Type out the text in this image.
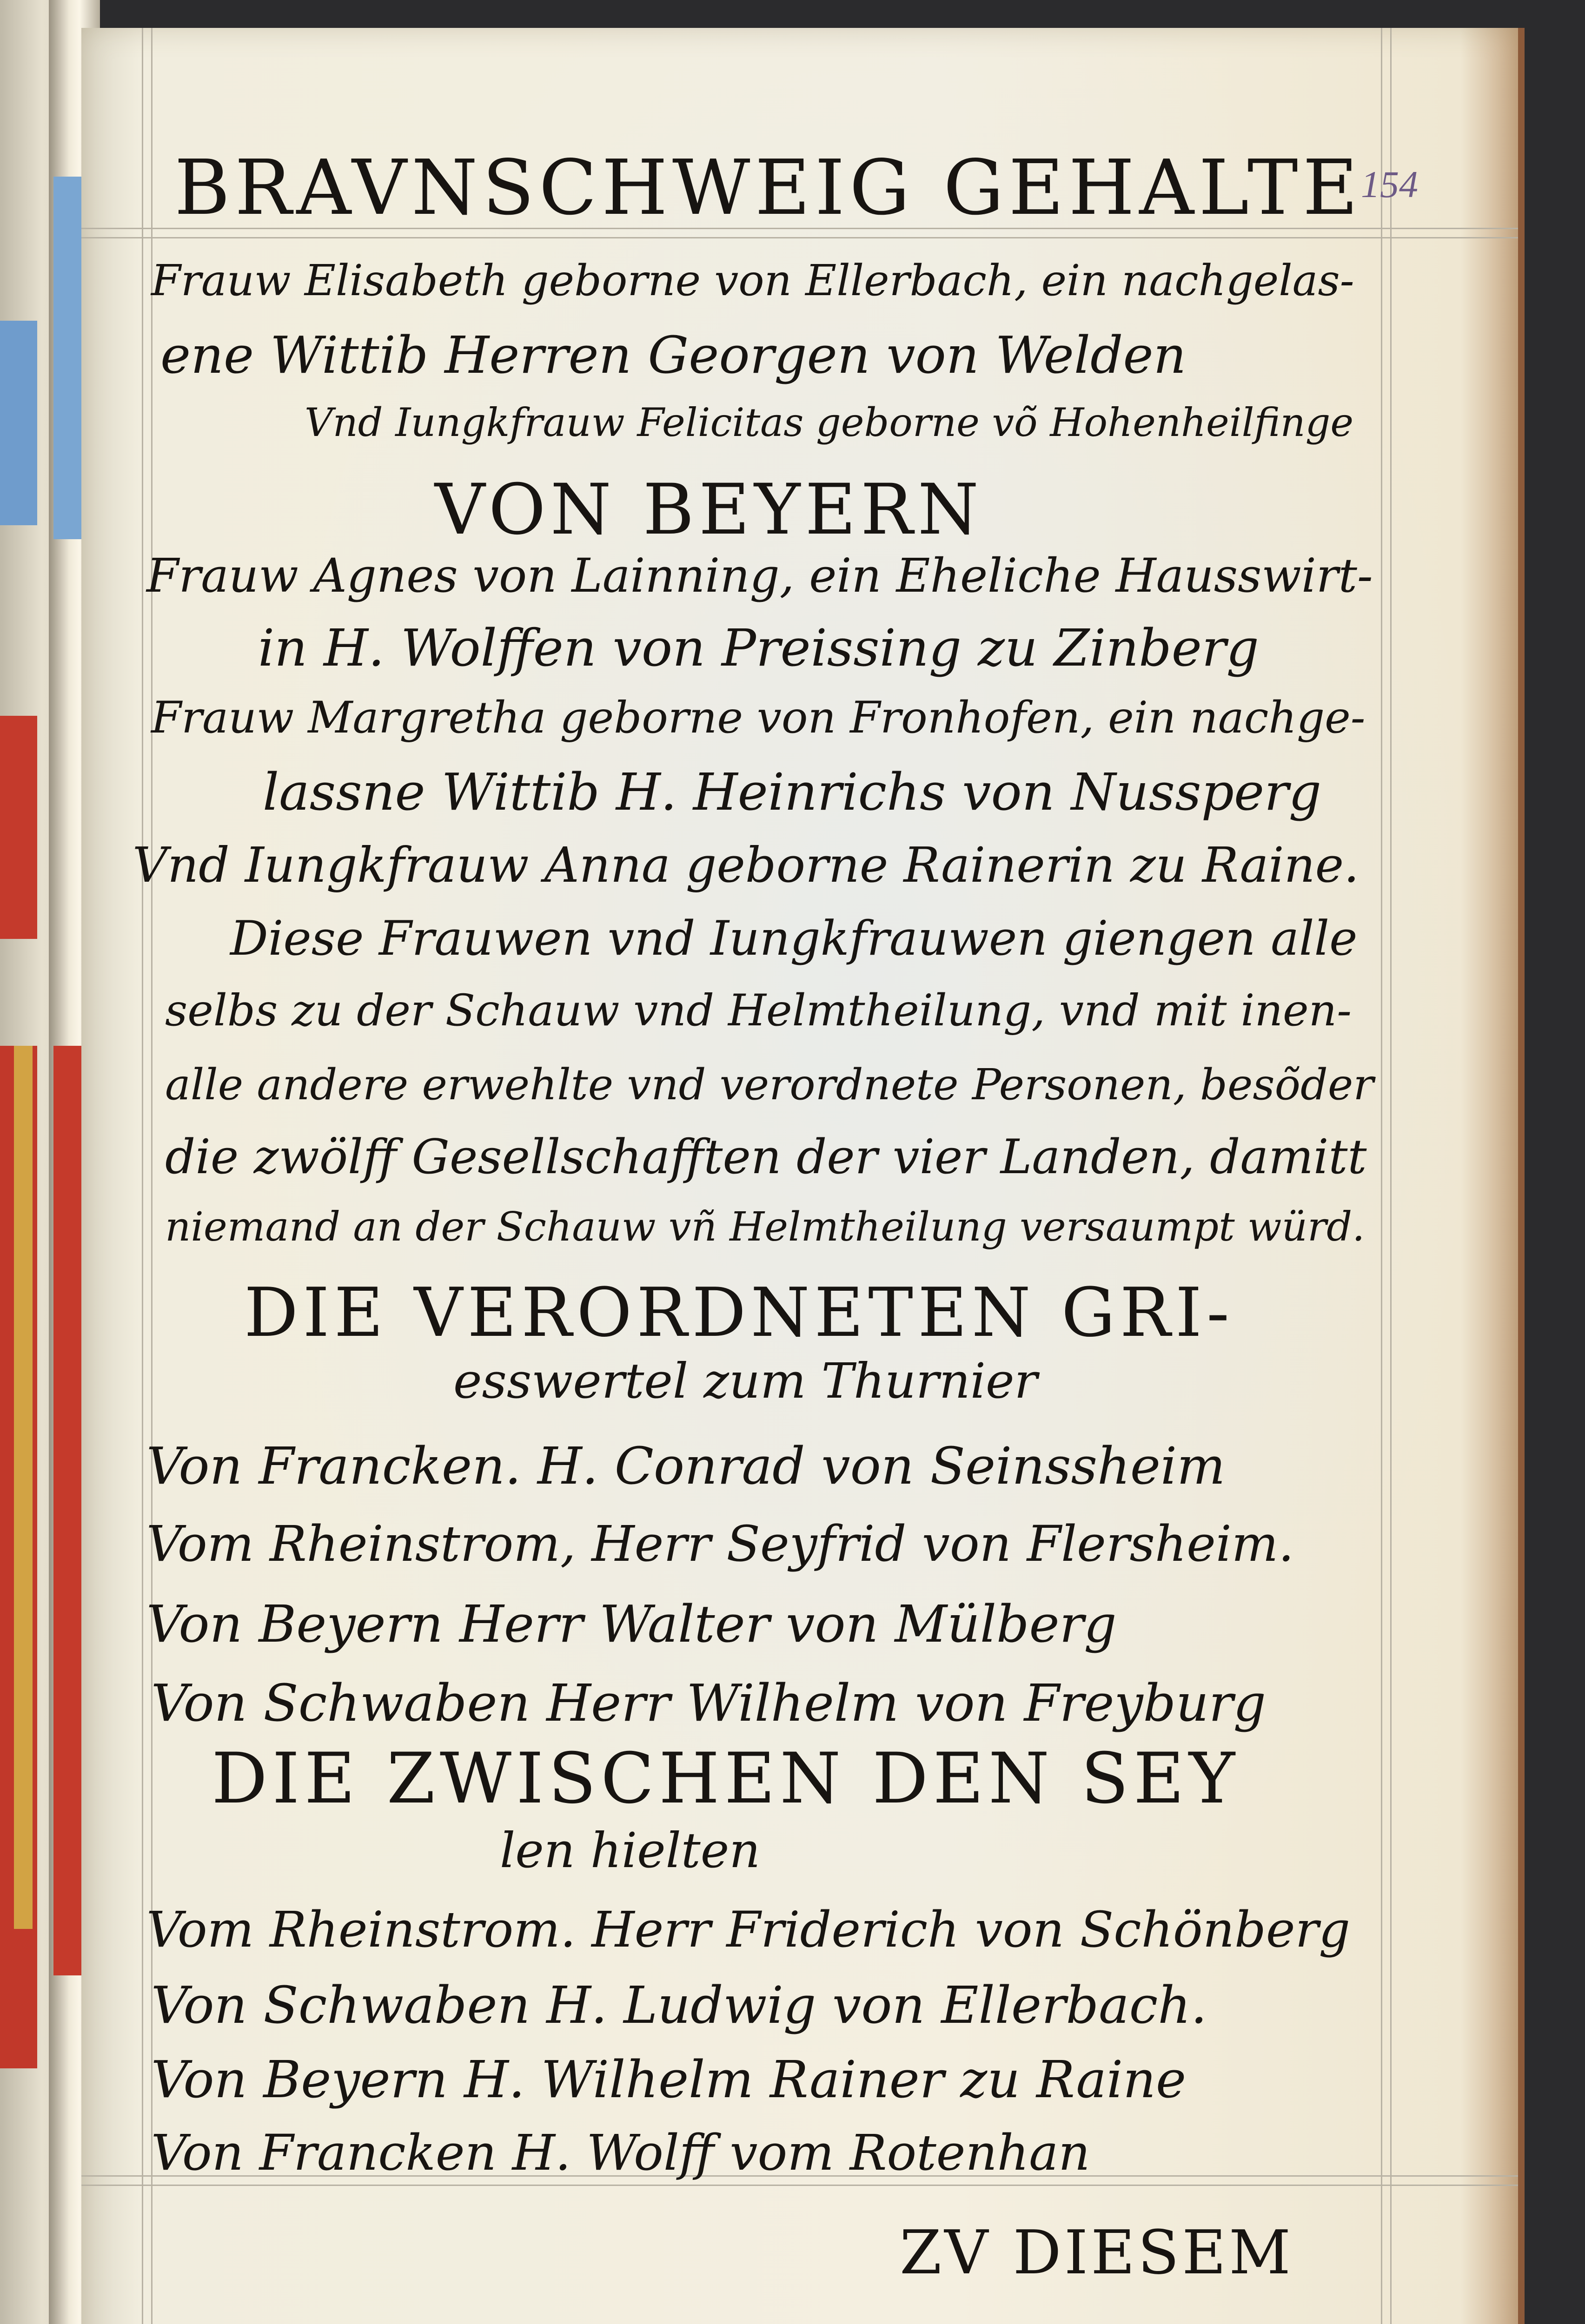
154
BRAVNSCHWEIG GEHALTE

Frauw Elisabeth geborne von Ellerbach, ein nachgelas-

ene Wittib Herren Georgen von Welden

Vnd Iungkfrauw Felicitas geborne võ Hohenheilfinge

VON BEYERN

Frauw Agnes von Lainning, ein Eheliche Hausswirt-

in H. Wolffen von Preissing zu Zinberg

Frauw Margretha geborne von Fronhofen, ein nachge-

lassne Wittib H. Heinrichs von Nussperg

Vnd Iungkfrauw Anna geborne Rainerin zu Raine.

Diese Frauwen vnd Iungkfrauwen giengen alle

selbs zu der Schauw vnd Helmtheilung, vnd mit inen-

alle andere erwehlte vnd verordnete Personen, besõder

die zwölff Gesellschafften der vier Landen, damitt

niemand an der Schauw vñ Helmtheilung versaumpt würd.

DIE VERORDNETEN GRI-

esswertel zum Thurnier

Von Francken. H. Conrad von Seinssheim

Vom Rheinstrom, Herr Seyfrid von Flersheim.

Von Beyern Herr Walter von Mülberg

Von Schwaben Herr Wilhelm von Freyburg

DIE ZWISCHEN DEN SEY

len hielten

Vom Rheinstrom. Herr Friderich von Schönberg

Von Schwaben H. Ludwig von Ellerbach.

Von Beyern H. Wilhelm Rainer zu Raine

Von Francken H. Wolff vom Rotenhan

ZV DIESEM
